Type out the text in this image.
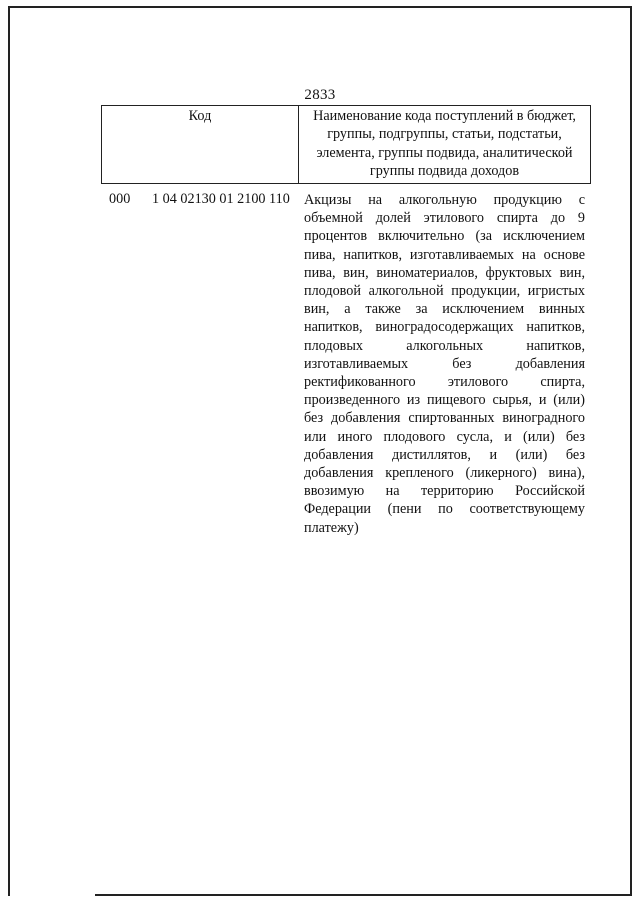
2833
Код	Наименование кода поступлений в бюджет, группы, подгруппы, статьи, подстатьи, элемента, группы подвида, аналитической группы подвида доходов
000 1 04 02130 01 2100 110 Акцизы на алкогольную продукцию с объемной долей этилового спирта до 9 процентов включительно (за исключением пива, напитков, изготавливаемых на основе пива, вин, виноматериалов, фруктовых вин, плодовой алкогольной продукции, игристых вин, а также за исключением винных напитков, виноградосодержащих напитков, плодовых алкогольных напитков, изготавливаемых без добавления ректификованного этилового спирта, произведенного из пищевого сырья, и (или) без добавления спиртованных виноградного или иного плодового сусла, и (или) без добавления дистиллятов, и (или) без добавления крепленого (ликерного) вина), ввозимую на территорию Российской Федерации (пени по соответствующему платежу)
